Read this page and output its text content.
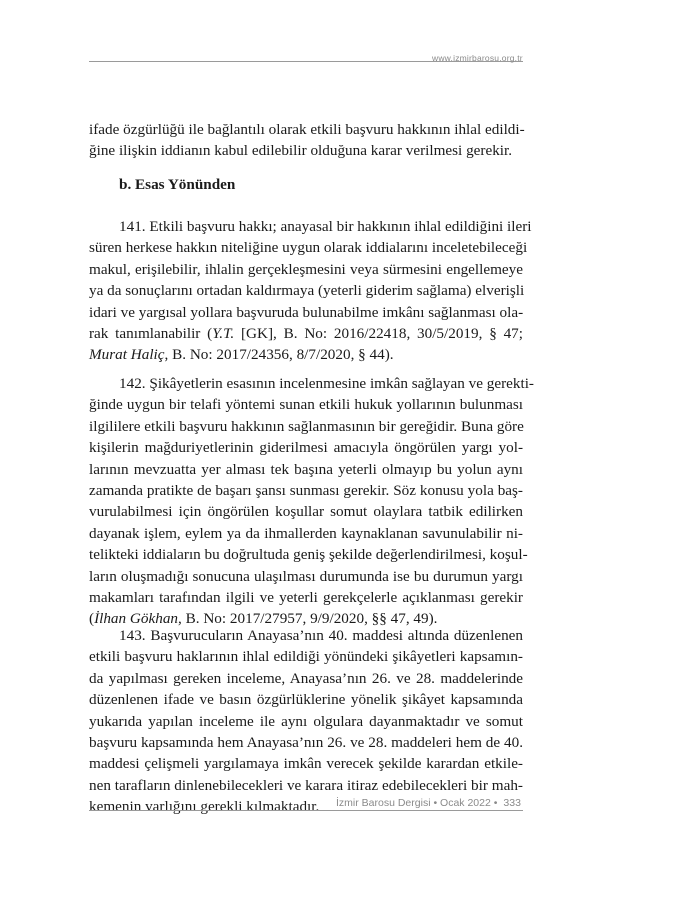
www.izmirbarosu.org.tr
ifade özgürlüğü ile bağlantılı olarak etkili başvuru hakkının ihlal edildi-
ğine ilişkin iddianın kabul edilebilir olduğuna karar verilmesi gerekir.
b. Esas Yönünden
141. Etkili başvuru hakkı; anayasal bir hakkının ihlal edildiğini ileri
süren herkese hakkın niteliğine uygun olarak iddialarını inceletebileceği
makul, erişilebilir, ihlalin gerçekleşmesini veya sürmesini engellemeye
ya da sonuçlarını ortadan kaldırmaya (yeterli giderim sağlama) elverişli
idari ve yargısal yollara başvuruda bulunabilme imkânı sağlanması ola-
rak tanımlanabilir (Y.T. [GK], B. No: 2016/22418, 30/5/2019, § 47;
Murat Haliç, B. No: 2017/24356, 8/7/2020, § 44).
142. Şikâyetlerin esasının incelenmesine imkân sağlayan ve gerekti-
ğinde uygun bir telafi yöntemi sunan etkili hukuk yollarının bulunması
ilgililere etkili başvuru hakkının sağlanmasının bir gereğidir. Buna göre
kişilerin mağduriyetlerinin giderilmesi amacıyla öngörülen yargı yol-
larının mevzuatta yer alması tek başına yeterli olmayıp bu yolun aynı
zamanda pratikte de başarı şansı sunması gerekir. Söz konusu yola baş-
vurulabilmesi için öngörülen koşullar somut olaylara tatbik edilirken
dayanak işlem, eylem ya da ihmallerden kaynaklanan savunulabilir ni-
telikteki iddiaların bu doğrultuda geniş şekilde değerlendirilmesi, koşul-
ların oluşmadığı sonucuna ulaşılması durumunda ise bu durumun yargı
makamları tarafından ilgili ve yeterli gerekçelerle açıklanması gerekir
(İlhan Gökhan, B. No: 2017/27957, 9/9/2020, §§ 47, 49).
143. Başvurucuların Anayasa’nın 40. maddesi altında düzenlenen
etkili başvuru haklarının ihlal edildiği yönündeki şikâyetleri kapsamın-
da yapılması gereken inceleme, Anayasa’nın 26. ve 28. maddelerinde
düzenlenen ifade ve basın özgürlüklerine yönelik şikâyet kapsamında
yukarıda yapılan inceleme ile aynı olgulara dayanmaktadır ve somut
başvuru kapsamında hem Anayasa’nın 26. ve 28. maddeleri hem de 40.
maddesi çelişmeli yargılamaya imkân verecek şekilde karardan etkile-
nen tarafların dinlenebilecekleri ve karara itiraz edebilecekleri bir mah-
kemenin varlığını gerekli kılmaktadır.	İzmir Barosu Dergisi • Ocak 2022 • 333
